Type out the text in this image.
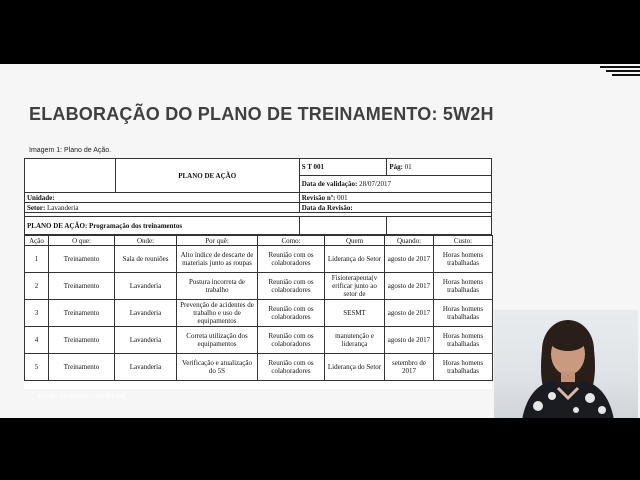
ELABORAÇÃO DO PLANO DE TREINAMENTO: 5W2H
Imagem 1: Plano de Ação.
	PLANO DE AÇÃO	S T 001	Pág: 01
		Data de validação: 28/07/2017	
Unidade:		Revisão nº: 001	
Setor: Lavanderia		Data da Revisão:	

PLANO DE AÇÃO: Programação dos treinamentos			
Ação	O que:	Onde:	Por quê:	Como:	Quem	Quando:	Custo:
1	Treinamento	Sala de reuniões	Alto índice de descarte de materiais junto as roupas	Reunião com os colaboradores	Liderança do Setor	agosto de 2017	Horas homens trabalhadas
2	Treinamento	Lavanderia	Postura incorreta de trabalho	Reunião com os colaboradores	Fisioterapeuta(v erificar junto ao setor de	agosto de 2017	Horas homens trabalhadas
3	Treinamento	Lavanderia	Prevenção de acidentes de trabalho e uso de equipamentos	Reunião com os colaboradores	SESMT	agosto de 2017	Horas homens trabalhadas
4	Treinamento	Lavanderia	Correta utilização dos equipamentos	Reunião com os colaboradores	manutenção e liderança	agosto de 2017	Horas homens trabalhadas
5	Treinamento	Lavanderia	Verificação e atualização do 5S	Reunião com os colaboradores	Liderança do Setor	setembro de 2017	Horas homens trabalhadas
Fonte: developer.mozilla.org
